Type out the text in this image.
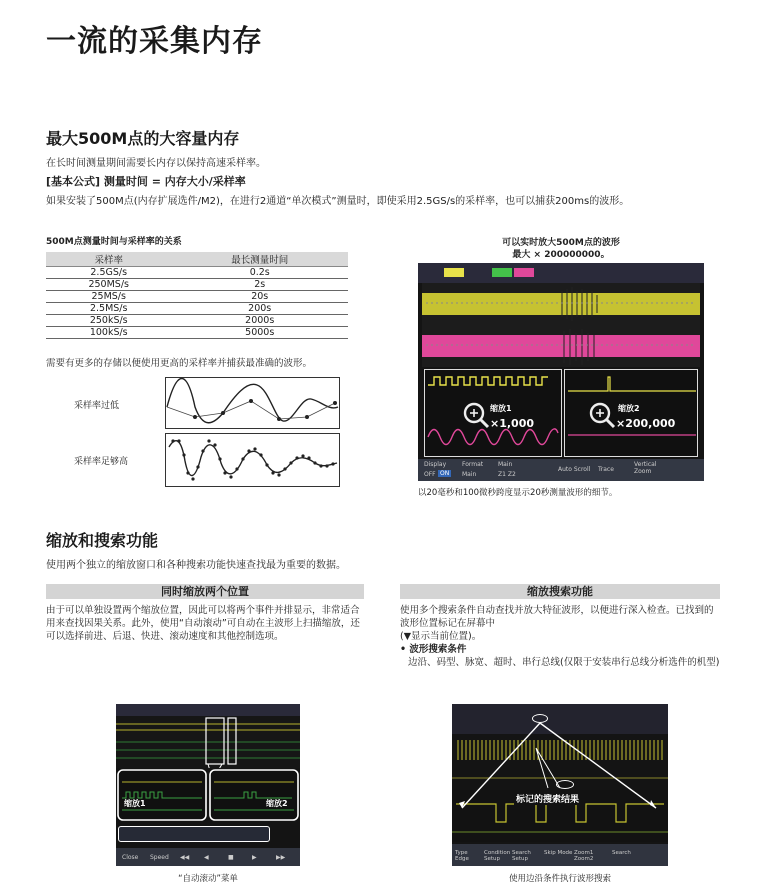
一流的采集内存
最大500M点的大容量内存
在长时间测量期间需要长内存以保持高速采样率。
[基本公式] 测量时间 = 内存大小/采样率
如果安装了500M点(内存扩展选件/M2)，在进行2通道“单次模式”测量时，即使采用2.5GS/s的采样率，也可以捕获200ms的波形。
500M点测量时间与采样率的关系
采样率	最长测量时间
2.5GS/s	0.2s
250MS/s	2s
25MS/s	20s
2.5MS/s	200s
250kS/s	2000s
100kS/s	5000s
需要有更多的存储以便使用更高的采样率并捕获最准确的波形。
采样率过低
采样率足够高
可以实时放大500M点的波形
最大 × 200000000。
缩放1
×1,000
缩放2
×200,000
Display	Format Main
Auto Scroll Trace
Vertical Zoom
OFF ON	Main	Z1 Z2
以20毫秒和100微秒跨度显示20秒测量波形的细节。
缩放和搜索功能
使用两个独立的缩放窗口和各种搜索功能快速查找最为重要的数据。
同时缩放两个位置
由于可以单独设置两个缩放位置，因此可以将两个事件并排显示，非常适合用来查找因果关系。此外，使用“自动滚动”可自动在主波形上扫描缩放，还可以选择前进、后退、快进、滚动速度和其他控制选项。
缩放搜索功能
使用多个搜索条件自动查找并放大特征波形，以便进行深入检查。已找到的波形位置标记在屏幕中
(▼显示当前位置)。
• 波形搜索条件
边沿、码型、脉宽、超时、串行总线(仅限于安装串行总线分析选件的机型)
缩放1	缩放2
Close Speed ◀◀ ◀	■	▶	▶▶
“自动滚动”菜单
标记的搜索结果
Type Edge
Condition Setup
Search Setup
Skip Mode Zoom1 Zoom2
Search
使用边沿条件执行波形搜索
